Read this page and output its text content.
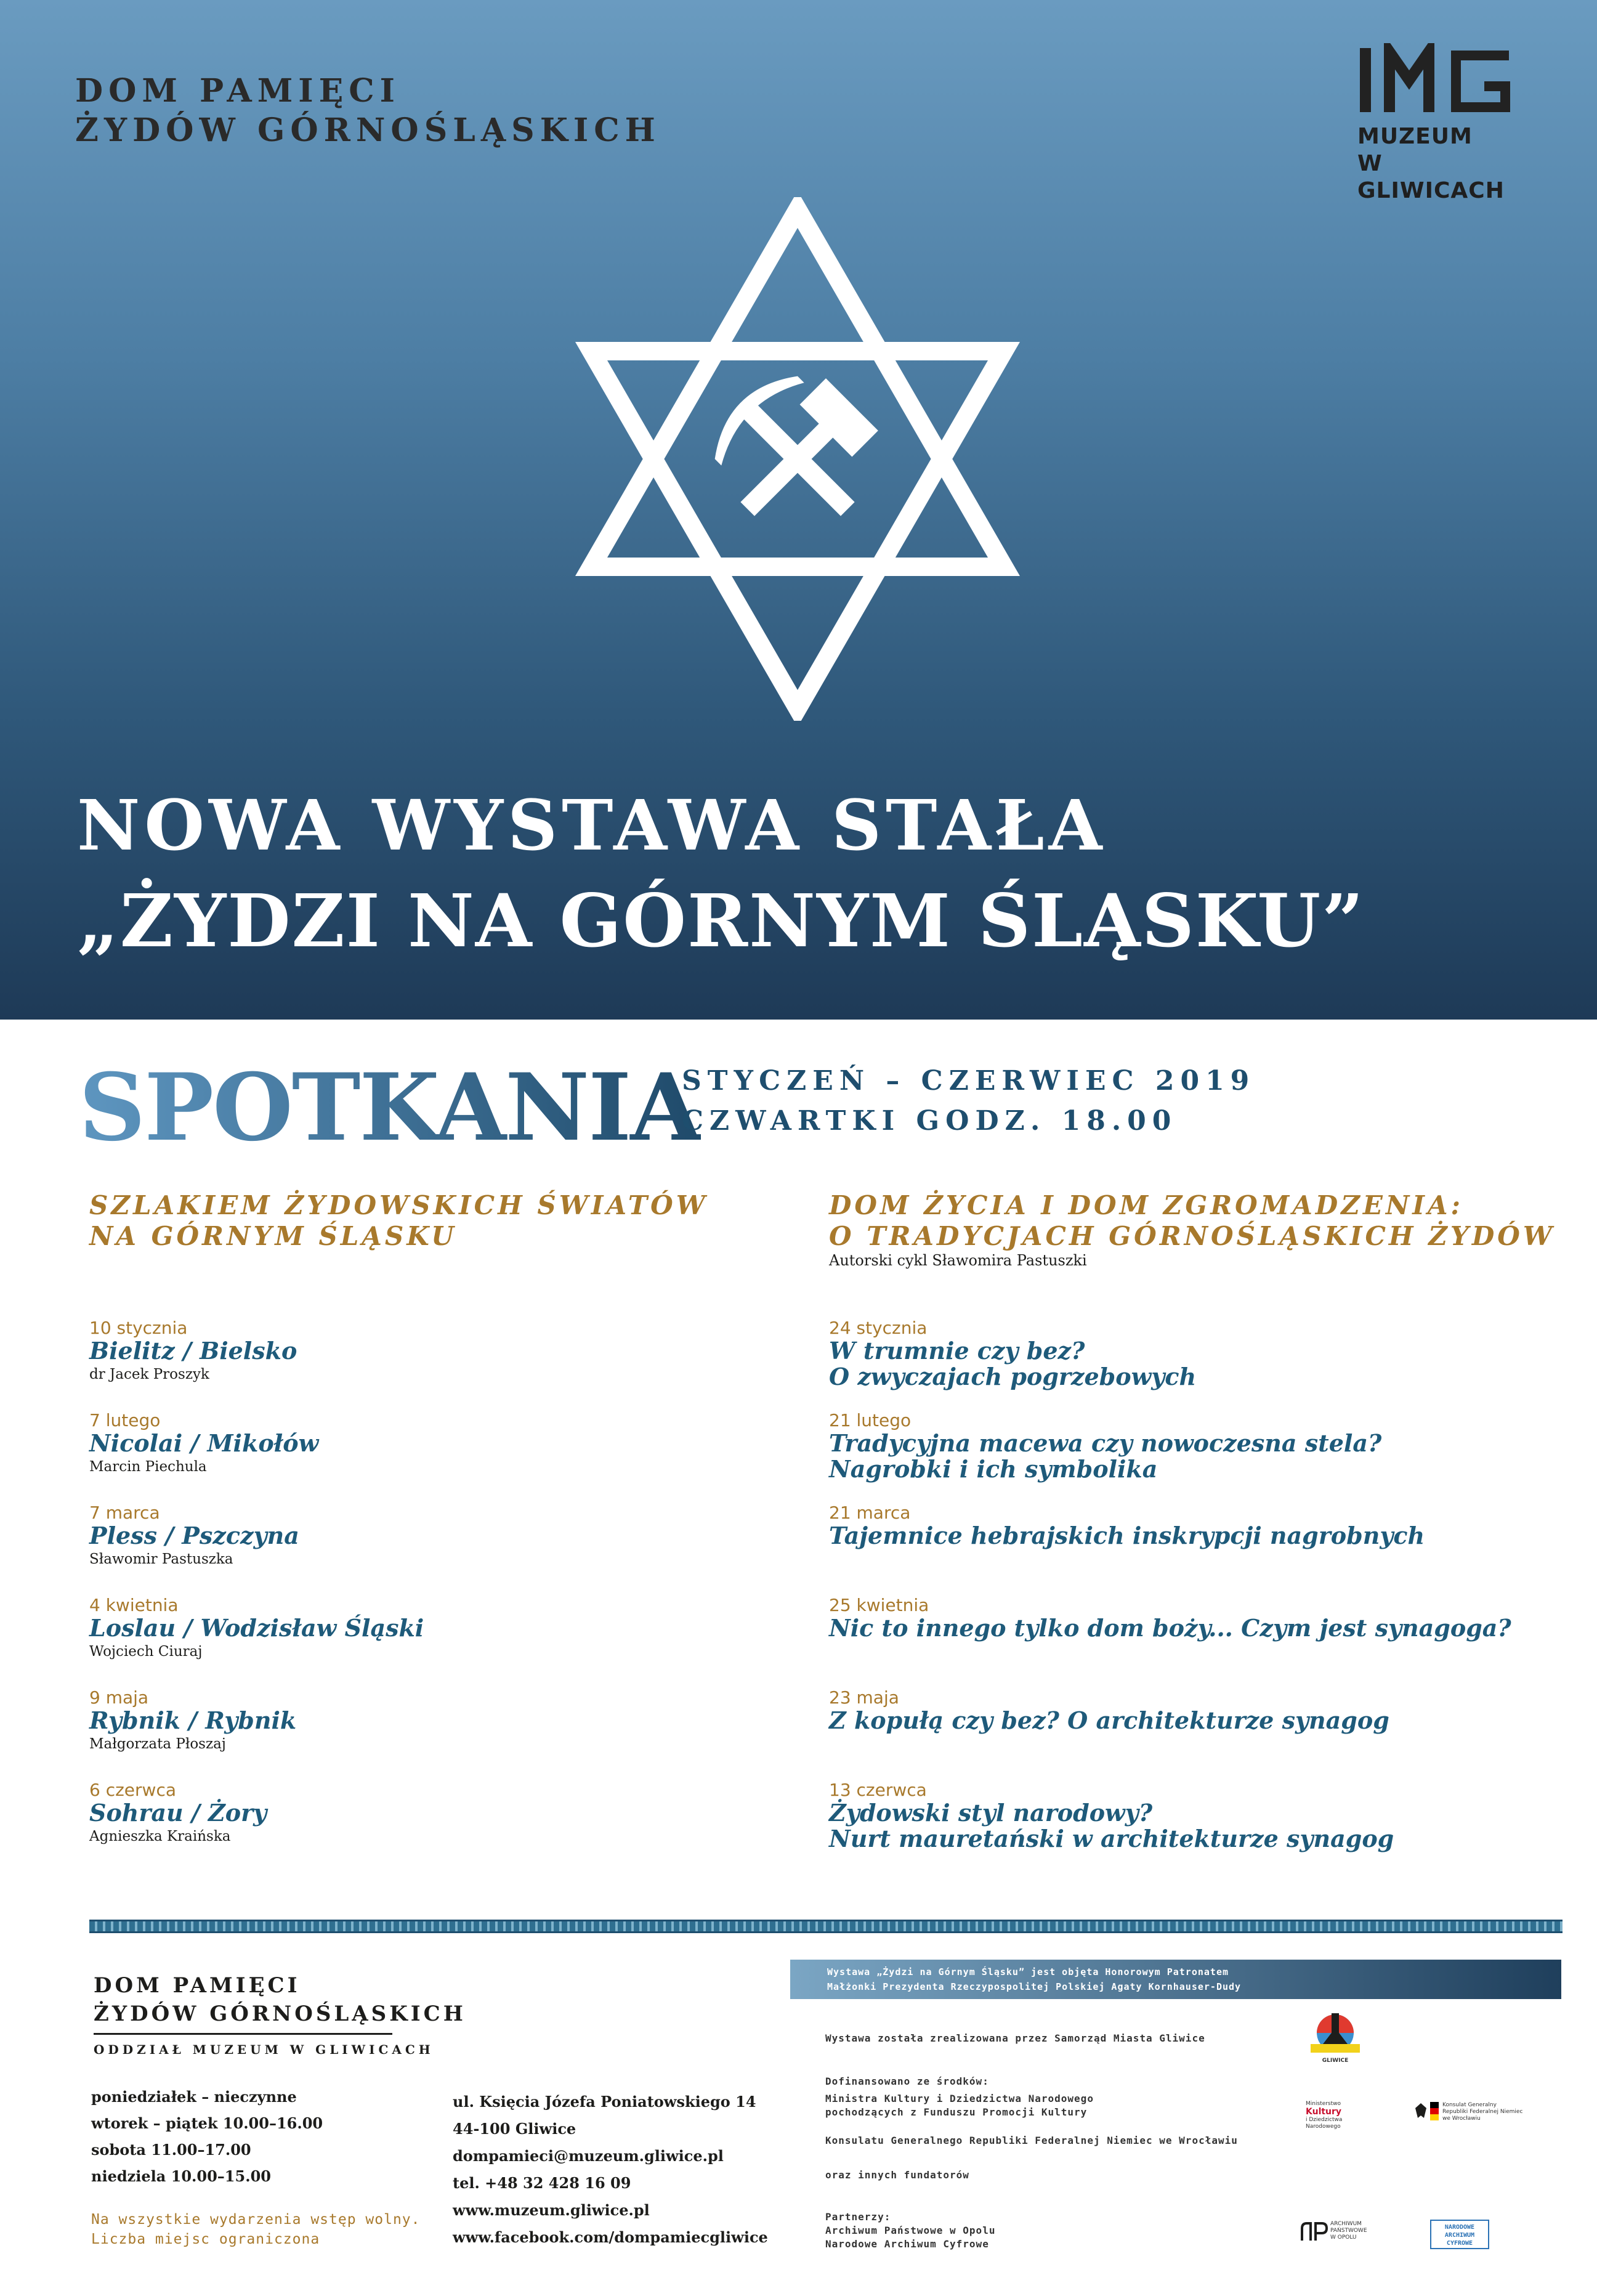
DOM PAMIĘCI
ŻYDÓW GÓRNOŚLĄSKICH	MUZEUM
W GLIWICACH
NOWA WYSTAWA STAŁA
„ŻYDZI NA GÓRNYM ŚLĄSKU”
SPOTKANIA
STYCZEŃ – CZERWIEC 2019
CZWARTKI GODZ. 18.00
SZLAKIEM ŻYDOWSKICH ŚWIATÓW
NA GÓRNYM ŚLĄSKU
10 stycznia
Bielitz / Bielsko
dr Jacek Proszyk
7 lutego
Nicolai / Mikołów
Marcin Piechula
7 marca
Pless / Pszczyna
Sławomir Pastuszka
4 kwietnia
Loslau / Wodzisław Śląski
Wojciech Ciuraj
9 maja
Rybnik / Rybnik
Małgorzata Płoszaj
6 czerwca
Sohrau / Żory
Agnieszka Kraińska
DOM ŻYCIA I DOM ZGROMADZENIA:
O TRADYCJACH GÓRNOŚLĄSKICH ŻYDÓW
Autorski cykl Sławomira Pastuszki
24 stycznia
W trumnie czy bez?
O zwyczajach pogrzebowych
21 lutego
Tradycyjna macewa czy nowoczesna stela?
Nagrobki i ich symbolika
21 marca
Tajemnice hebrajskich inskrypcji nagrobnych
25 kwietnia
Nic to innego tylko dom boży... Czym jest synagoga?
23 maja
Z kopułą czy bez? O architekturze synagog
13 czerwca
Żydowski styl narodowy?
Nurt mauretański w architekturze synagog
DOM PAMIĘCI
ŻYDÓW GÓRNOŚLĄSKICH
ODDZIAŁ MUZEUM W GLIWICACH
poniedziałek – nieczynne
wtorek – piątek 10.00–16.00
sobota 11.00–17.00
niedziela 10.00–15.00
Na wszystkie wydarzenia wstęp wolny.
Liczba miejsc ograniczona
ul. Księcia Józefa Poniatowskiego 14
44-100 Gliwice
dompamieci@muzeum.gliwice.pl
tel. +48 32 428 16 09
www.muzeum.gliwice.pl
www.facebook.com/dompamiecgliwice
Wystawa „Żydzi na Górnym Śląsku” jest objęta Honorowym Patronatem
Małżonki Prezydenta Rzeczypospolitej Polskiej Agaty Kornhauser-Dudy
Wystawa została zrealizowana przez Samorząd Miasta Gliwice
Dofinansowano ze środków:
Ministra Kultury i Dziedzictwa Narodowego
pochodzących z Funduszu Promocji Kultury
Konsulatu Generalnego Republiki Federalnej Niemiec we Wrocławiu
oraz innych fundatorów
Partnerzy:
Archiwum Państwowe w Opolu
Narodowe Archiwum Cyfrowe
GLIWICE
Ministerstwo
Kultury
i Dziedzictwa
Narodowego
Konsulat Generalny
Republiki Federalnej Niemiec
we Wrocławiu
ARCHIWUM
PAŃSTWOWE
W OPOLU
NARODOWE
ARCHIWUM
CYFROWE
